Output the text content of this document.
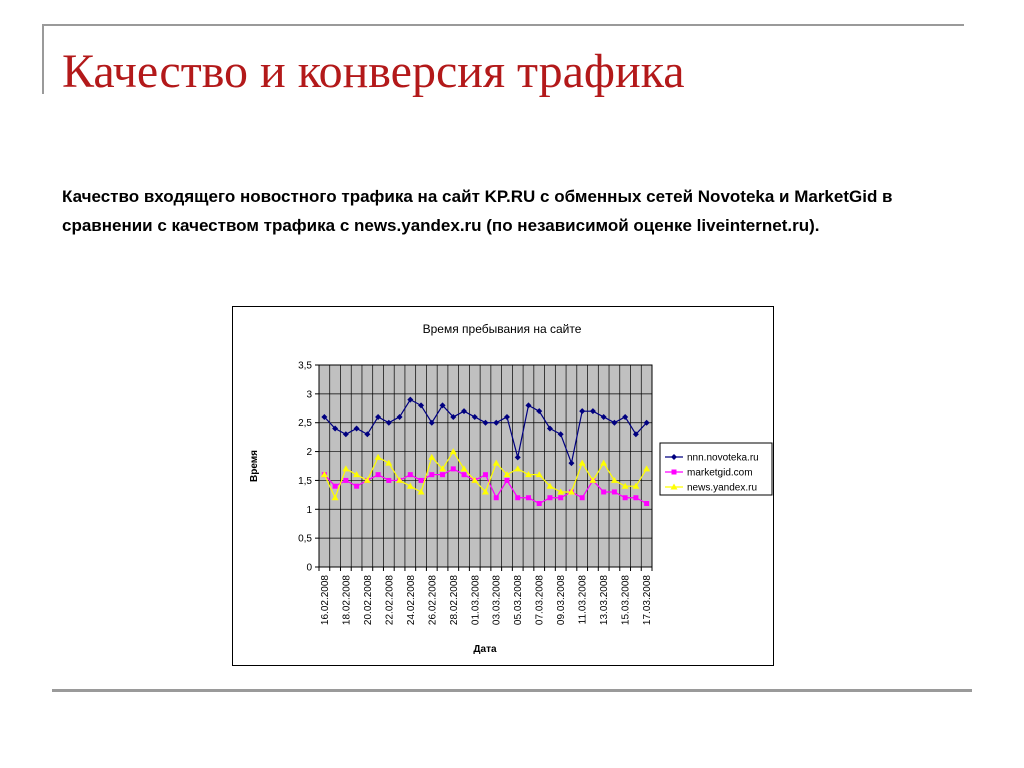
Качество и конверсия трафика

Качество входящего новостного трафика на сайт KP.RU с обменных сетей Novoteka и MarketGid в сравнении с качеством трафика с news.yandex.ru (по независимой оценке liveinternet.ru).

Время пребывания на сайте
0
0,5
1
1,5
2
2,5
3
3,5
16.02.2008 18.02.2008 20.02.2008 22.02.2008 24.02.2008 26.02.2008 28.02.2008 01.03.2008 03.03.2008 05.03.2008 07.03.2008 09.03.2008 11.03.2008 13.03.2008 15.03.2008 17.03.2008
Время
Дата
nnn.novoteka.ru
marketgid.com
news.yandex.ru
